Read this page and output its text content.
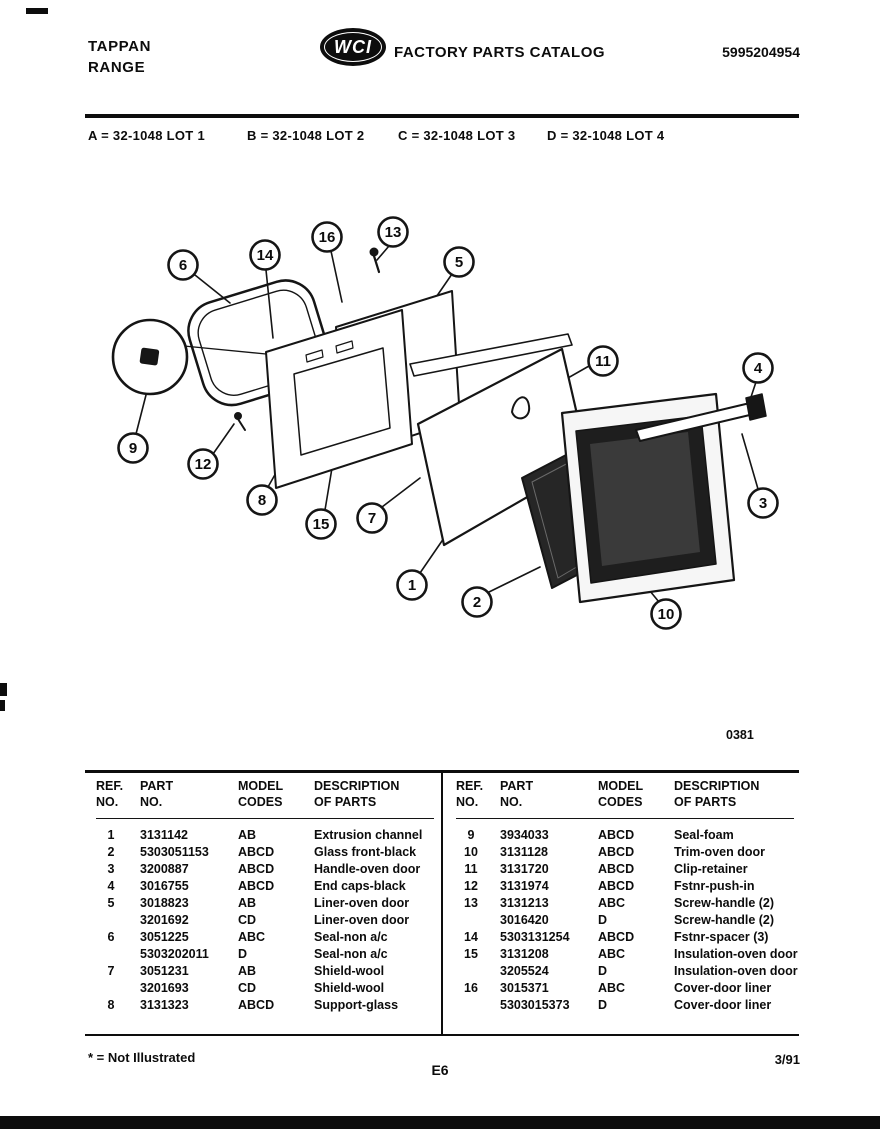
TAPPAN
RANGE
WCI FACTORY PARTS CATALOG	5995204954
A = 32-1048 LOT 1	B = 32-1048 LOT 2	C = 32-1048 LOT 3 D = 32-1048 LOT 4
1
2
3
4
5
6
7
8
9
10
11
12
13
14
15
16
0381
REF.
NO.
PART
NO.
MODEL
CODES
DESCRIPTION
OF PARTS
1	3131142	AB	Extrusion channel
2	5303051153	ABCD	Glass front-black
3	3200887	ABCD	Handle-oven door
4	3016755	ABCD	End caps-black
5	3018823	AB	Liner-oven door
3201692	CD	Liner-oven door
6	3051225	ABC	Seal-non a/c
5303202011	D	Seal-non a/c
7	3051231	AB	Shield-wool
3201693	CD	Shield-wool
8	3131323	ABCD	Support-glass
REF.
NO.
PART
NO.
MODEL
CODES
DESCRIPTION
OF PARTS
9	3934033	ABCD	Seal-foam
10	3131128	ABCD	Trim-oven door
11	3131720	ABCD	Clip-retainer
12	3131974	ABCD	Fstnr-push-in
13	3131213	ABC	Screw-handle (2)
3016420	D	Screw-handle (2)
14	5303131254	ABCD	Fstnr-spacer (3)
15	3131208	ABC	Insulation-oven door
3205524	D	Insulation-oven door
16	3015371	ABC	Cover-door liner
5303015373	D	Cover-door liner
* = Not Illustrated
E6
3/91
